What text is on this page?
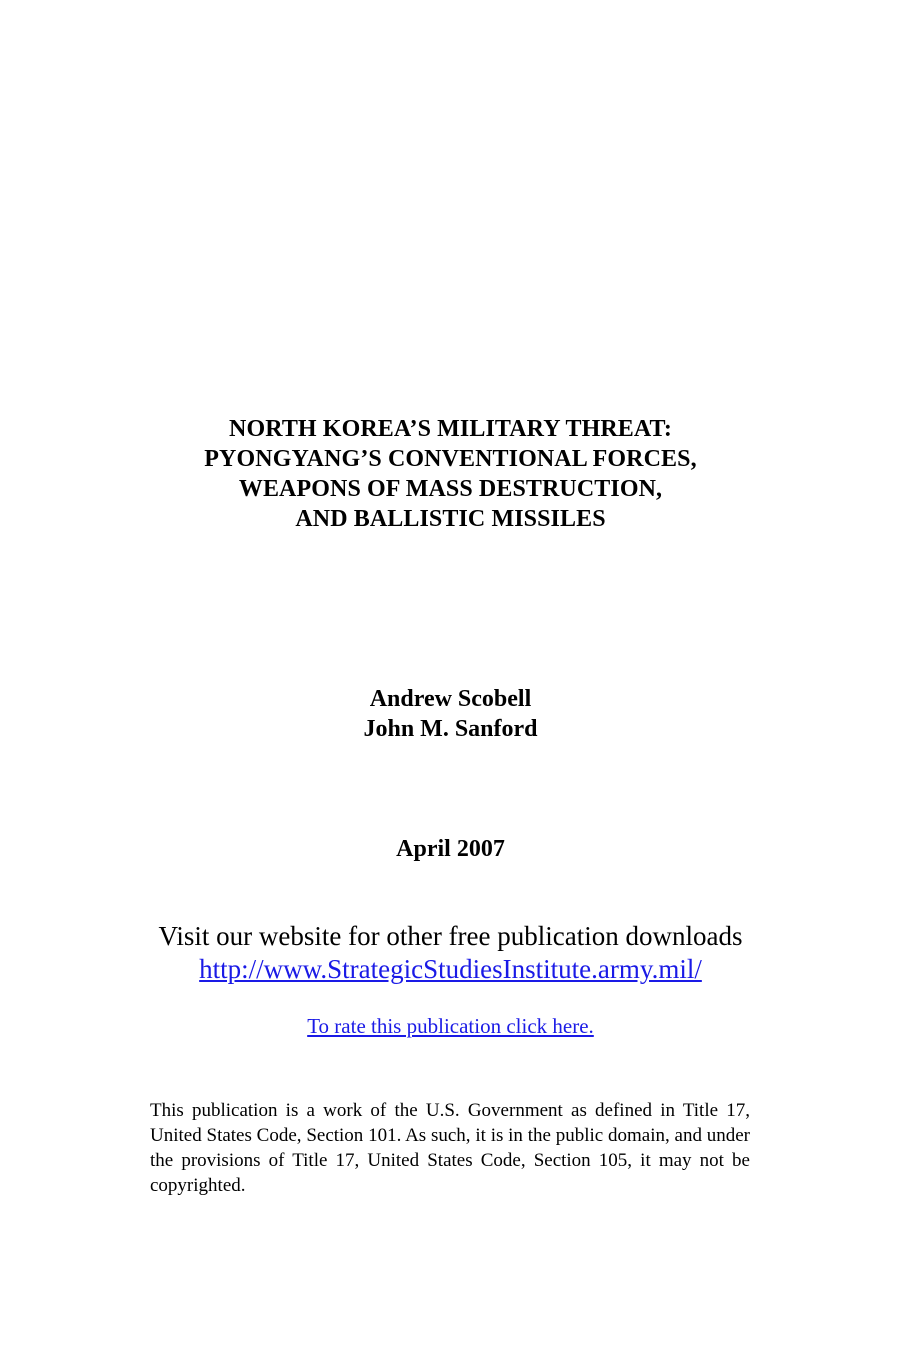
NORTH KOREA’S MILITARY THREAT:
PYONGYANG’S CONVENTIONAL FORCES,
WEAPONS OF MASS DESTRUCTION,
AND BALLISTIC MISSILES
Andrew Scobell
John M. Sanford
April 2007
Visit our website for other free publication downloads
http://www.StrategicStudiesInstitute.army.mil/
To rate this publication click here.
This publication is a work of the U.S. Government as defined in Title 17, United States Code, Section 101. As such, it is in the public domain, and under the provisions of Title 17, United States Code, Section 105, it may not be copyrighted.
